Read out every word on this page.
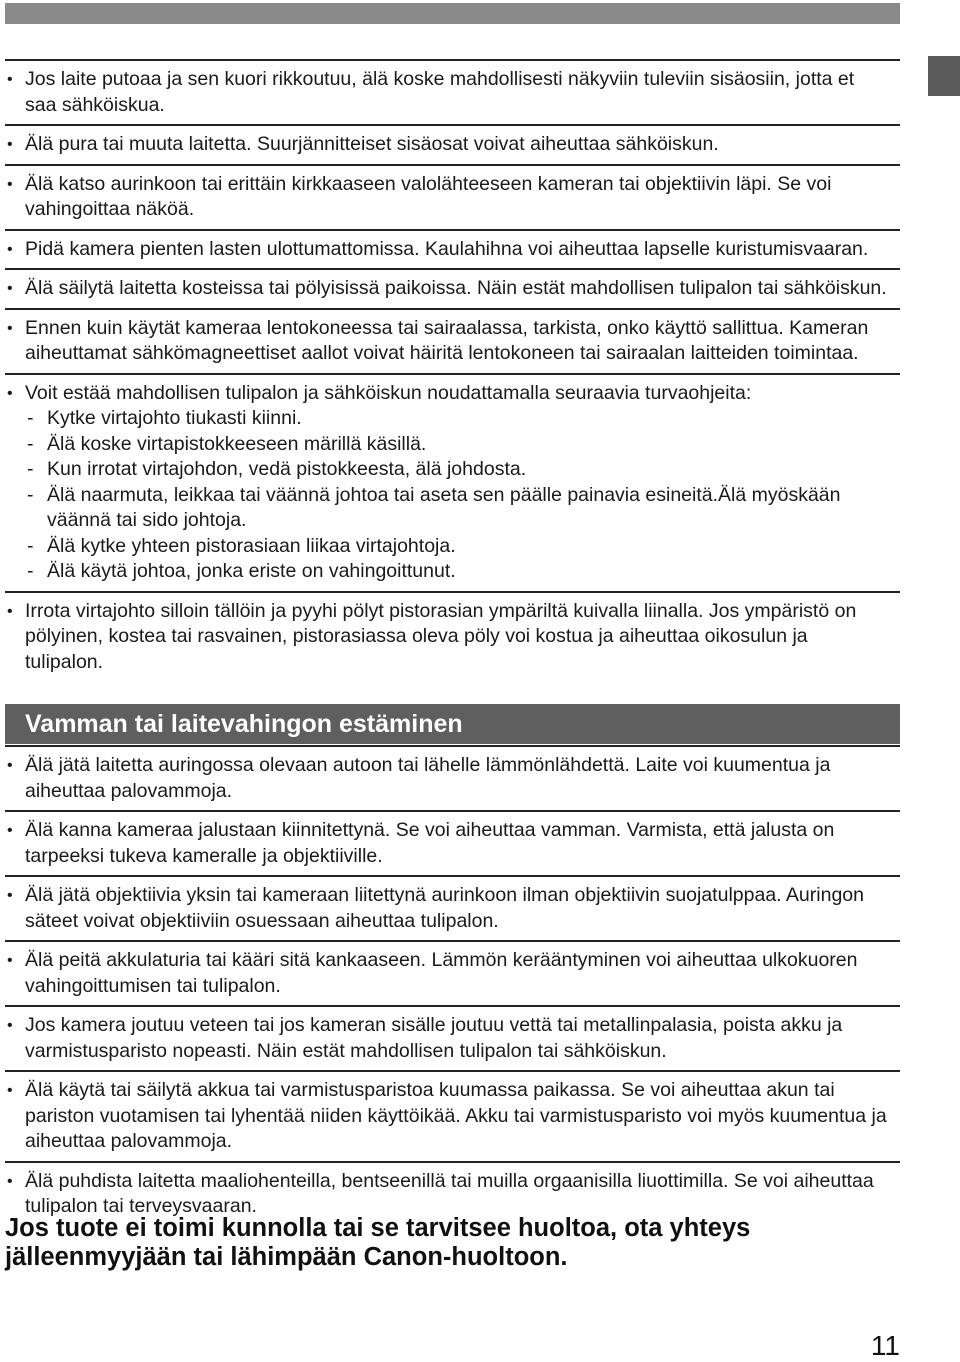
• Jos laite putoaa ja sen kuori rikkoutuu, älä koske mahdollisesti näkyviin tuleviin sisäosiin, jotta et saa sähköiskua.
• Älä pura tai muuta laitetta. Suurjännitteiset sisäosat voivat aiheuttaa sähköiskun.
• Älä katso aurinkoon tai erittäin kirkkaaseen valolähteeseen kameran tai objektiivin läpi. Se voi vahingoittaa näköä.
• Pidä kamera pienten lasten ulottumattomissa. Kaulahihna voi aiheuttaa lapselle kuristumisvaaran.
• Älä säilytä laitetta kosteissa tai pölyisissä paikoissa. Näin estät mahdollisen tulipalon tai sähköiskun.
• Ennen kuin käytät kameraa lentokoneessa tai sairaalassa, tarkista, onko käyttö sallittua. Kameran aiheuttamat sähkömagneettiset aallot voivat häiritä lentokoneen tai sairaalan laitteiden toimintaa.
• Voit estää mahdollisen tulipalon ja sähköiskun noudattamalla seuraavia turvaohjeita:
- Kytke virtajohto tiukasti kiinni.
- Älä koske virtapistokkeeseen märillä käsillä.
- Kun irrotat virtajohdon, vedä pistokkeesta, älä johdosta.
- Älä naarmuta, leikkaa tai väännä johtoa tai aseta sen päälle painavia esineitä.Älä myöskään väännä tai sido johtoja.
- Älä kytke yhteen pistorasiaan liikaa virtajohtoja.
- Älä käytä johtoa, jonka eriste on vahingoittunut.
• Irrota virtajohto silloin tällöin ja pyyhi pölyt pistorasian ympäriltä kuivalla liinalla. Jos ympäristö on pölyinen, kostea tai rasvainen, pistorasiassa oleva pöly voi kostua ja aiheuttaa oikosulun ja tulipalon.
Vamman tai laitevahingon estäminen
• Älä jätä laitetta auringossa olevaan autoon tai lähelle lämmönlähdettä. Laite voi kuumentua ja aiheuttaa palovammoja.
• Älä kanna kameraa jalustaan kiinnitettynä. Se voi aiheuttaa vamman. Varmista, että jalusta on tarpeeksi tukeva kameralle ja objektiiville.
• Älä jätä objektiivia yksin tai kameraan liitettynä aurinkoon ilman objektiivin suojatulppaa. Auringon säteet voivat objektiiviin osuessaan aiheuttaa tulipalon.
• Älä peitä akkulaturia tai kääri sitä kankaaseen. Lämmön kerääntyminen voi aiheuttaa ulkokuoren vahingoittumisen tai tulipalon.
• Jos kamera joutuu veteen tai jos kameran sisälle joutuu vettä tai metallinpalasia, poista akku ja varmistusparisto nopeasti. Näin estät mahdollisen tulipalon tai sähköiskun.
• Älä käytä tai säilytä akkua tai varmistusparistoa kuumassa paikassa. Se voi aiheuttaa akun tai pariston vuotamisen tai lyhentää niiden käyttöikää. Akku tai varmistusparisto voi myös kuumentua ja aiheuttaa palovammoja.
• Älä puhdista laitetta maaliohenteilla, bentseenillä tai muilla orgaanisilla liuottimilla. Se voi aiheuttaa tulipalon tai terveysvaaran.
Jos tuote ei toimi kunnolla tai se tarvitsee huoltoa, ota yhteys jälleenmyyjään tai lähimpään Canon-huoltoon.
11
